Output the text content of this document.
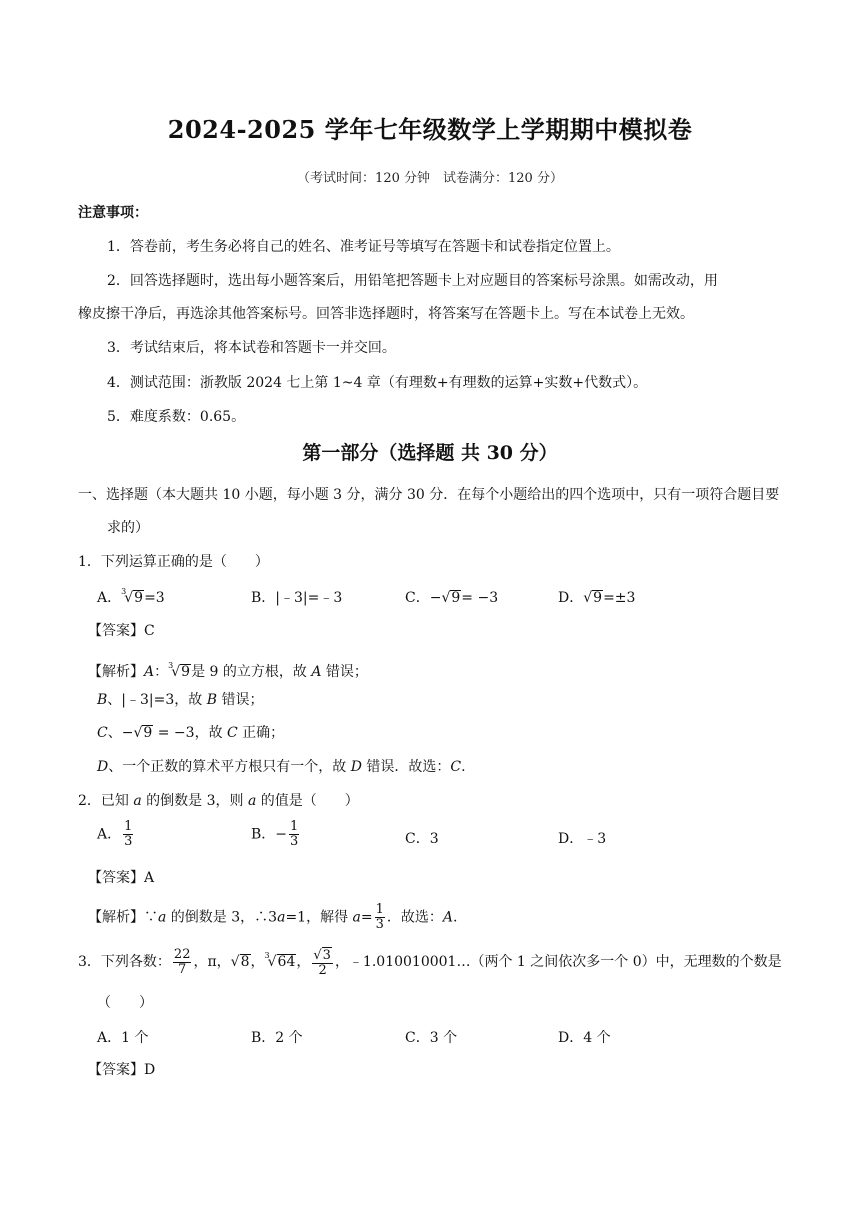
2024-2025 学年七年级数学上学期期中模拟卷
（考试时间：120 分钟　试卷满分：120 分）
注意事项：
1．答卷前，考生务必将自己的姓名、准考证号等填写在答题卡和试卷指定位置上。
2．回答选择题时，选出每小题答案后，用铅笔把答题卡上对应题目的答案标号涂黑。如需改动，用
橡皮擦干净后，再选涂其他答案标号。回答非选择题时，将答案写在答题卡上。写在本试卷上无效。
3．考试结束后，将本试卷和答题卡一并交回。
4．测试范围：浙教版 2024 七上第 1~4 章（有理数+有理数的运算+实数+代数式）。
5．难度系数：0.65。
第一部分（选择题 共 30 分）
一、选择题（本大题共 10 小题，每小题 3 分，满分 30 分．在每个小题给出的四个选项中，只有一项符合题目要
求的）
1．下列运算正确的是（　　）
A．$^3$√9=3	B．|﹣3|=﹣3	C．−√9= −3	D．√9=±3
【答案】C
【解析】A：$^3$√9是 9 的立方根，故 A 错误；
B、|﹣3|=3，故 B 错误；
C、−√9 = −3，故 C 正确；
D、一个正数的算术平方根只有一个，故 D 错误．故选：C.
2．已知 a 的倒数是 3，则 a 的值是（　　）
A． $\frac{1}{3}$	B．− $\frac{1}{3}$	C．3	D．﹣3
【答案】A
【解析】∵a 的倒数是 3，∴3a=1，解得 $a= \frac{1}{3}$ ．故选：A.
3．下列各数： $\frac{22}{7}$ ，π，√8，$^3$√64， $\frac{√3}{2}$ ，﹣1.010010001…（两个 1 之间依次多一个 0）中，无理数的个数是
（　　）
A．1 个	B．2 个	C．3 个	D．4 个
【答案】D
